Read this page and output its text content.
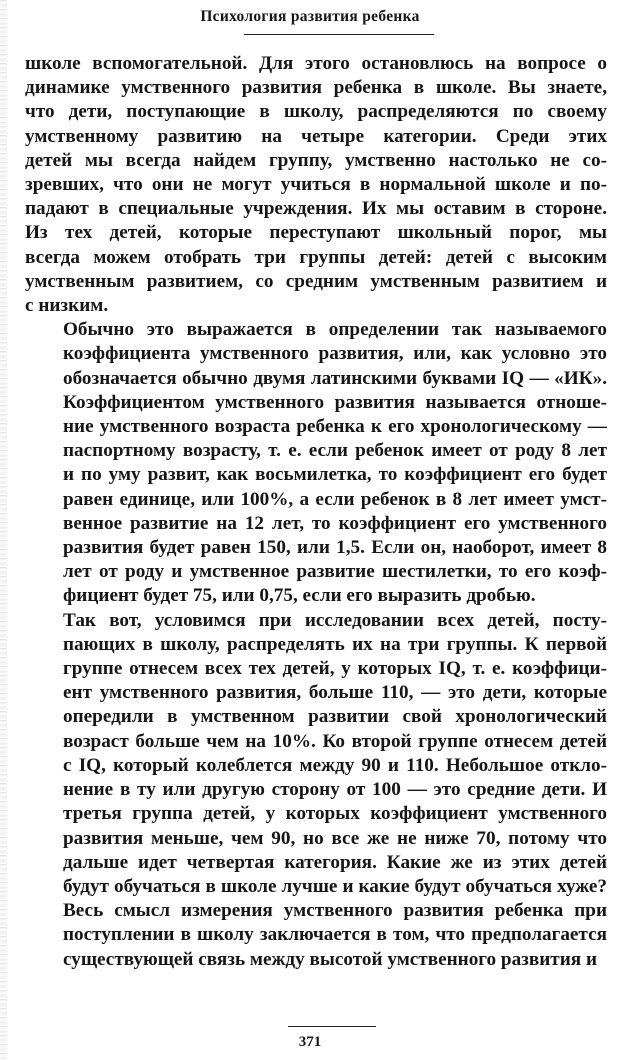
Психология развития ребенка

школе вспомогательной. Для этого остановлюсь на вопросе о
динамике умственного развития ребенка в школе. Вы знаете,
что дети, поступающие в школу, распределяются по своему
умственному развитию на четыре категории. Среди этих
детей мы всегда найдем группу, умственно настолько не со-
зревших, что они не могут учиться в нормальной школе и по-
падают в специальные учреждения. Их мы оставим в стороне.
Из тех детей, которые переступают школьный порог, мы
всегда можем отобрать три группы детей: детей с высоким
умственным развитием, со средним умственным развитием и
с низким.

Обычно это выражается в определении так называемого
коэффициента умственного развития, или, как условно это
обозначается обычно двумя латинскими буквами IQ — «ИК».
Коэффициентом умственного развития называется отноше-
ние умственного возраста ребенка к его хронологическому —
паспортному возрасту, т. е. если ребенок имеет от роду 8 лет
и по уму развит, как восьмилетка, то коэффициент его будет
равен единице, или 100%, а если ребенок в 8 лет имеет умст-
венное развитие на 12 лет, то коэффициент его умственного
развития будет равен 150, или 1,5. Если он, наоборот, имеет 8
лет от роду и умственное развитие шестилетки, то его коэф-
фициент будет 75, или 0,75, если его выразить дробью.

Так вот, условимся при исследовании всех детей, посту-
пающих в школу, распределять их на три группы. К первой
группе отнесем всех тех детей, у которых IQ, т. е. коэффици-
ент умственного развития, больше 110, — это дети, которые
опередили в умственном развитии свой хронологический
возраст больше чем на 10%. Ко второй группе отнесем детей
с IQ, который колеблется между 90 и 110. Небольшое откло-
нение в ту или другую сторону от 100 — это средние дети. И
третья группа детей, у которых коэффициент умственного
развития меньше, чем 90, но все же не ниже 70, потому что
дальше идет четвертая категория. Какие же из этих детей
будут обучаться в школе лучше и какие будут обучаться хуже?
Весь смысл измерения умственного развития ребенка при
поступлении в школу заключается в том, что предполагается
существующей связь между высотой умственного развития и

371
